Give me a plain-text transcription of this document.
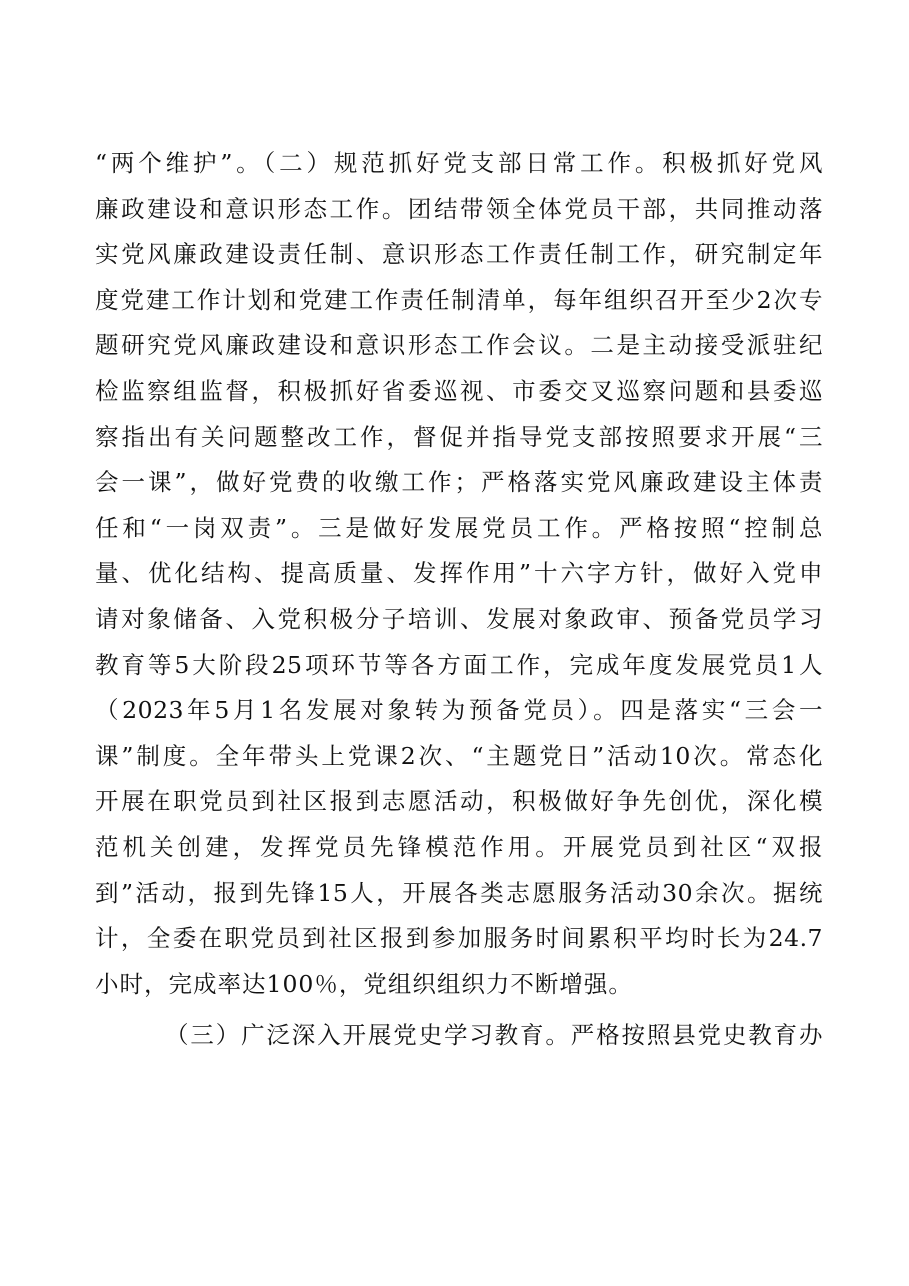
“两个维护”。（二）规范抓好党支部日常工作。积极抓好党风
廉政建设和意识形态工作。团结带领全体党员干部，共同推动落
实党风廉政建设责任制、意识形态工作责任制工作，研究制定年
度党建工作计划和党建工作责任制清单，每年组织召开至少2次专
题研究党风廉政建设和意识形态工作会议。二是主动接受派驻纪
检监察组监督，积极抓好省委巡视、市委交叉巡察问题和县委巡
察指出有关问题整改工作，督促并指导党支部按照要求开展“三
会一课”，做好党费的收缴工作；严格落实党风廉政建设主体责
任和“一岗双责”。三是做好发展党员工作。严格按照“控制总
量、优化结构、提高质量、发挥作用”十六字方针，做好入党申
请对象储备、入党积极分子培训、发展对象政审、预备党员学习
教育等5大阶段25项环节等各方面工作，完成年度发展党员1人
（2023年5月1名发展对象转为预备党员）。四是落实“三会一
课”制度。全年带头上党课2次、“主题党日”活动10次。常态化
开展在职党员到社区报到志愿活动，积极做好争先创优，深化模
范机关创建，发挥党员先锋模范作用。开展党员到社区“双报
到”活动，报到先锋15人，开展各类志愿服务活动30余次。据统
计，全委在职党员到社区报到参加服务时间累积平均时长为24.7
小时，完成率达100％，党组织组织力不断增强。
（三）广泛深入开展党史学习教育。严格按照县党史教育办
